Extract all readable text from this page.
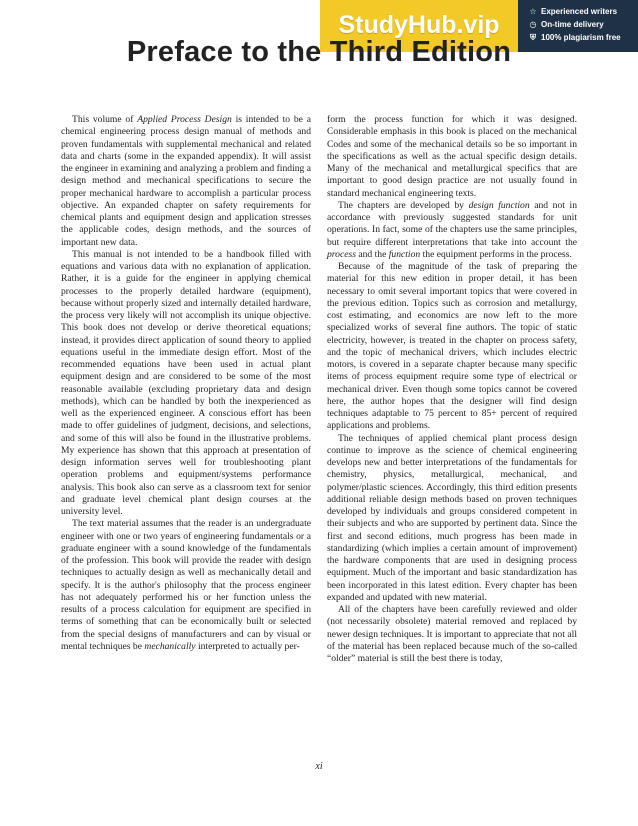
StudyHub.vip	☆ Experienced writers
◷ On-time delivery
⛨ 100% plagiarism free
Preface to the Third Edition

This volume of Applied Process Design is intended to be a chemical engineering process design manual of methods and proven fundamentals with supplemental mechanical and related data and charts (some in the expanded appendix). It will assist the engineer in examining and analyzing a problem and finding a design method and mechanical specifications to secure the proper mechanical hardware to accomplish a particular process objective. An expanded chapter on safety requirements for chemical plants and equipment design and application stresses the applicable codes, design methods, and the sources of important new data.

This manual is not intended to be a handbook filled with equations and various data with no explanation of application. Rather, it is a guide for the engineer in applying chemical processes to the properly detailed hardware (equipment), because without properly sized and internally detailed hardware, the process very likely will not accomplish its unique objective. This book does not develop or derive theoretical equations; instead, it provides direct application of sound theory to applied equations useful in the immediate design effort. Most of the recommended equations have been used in actual plant equipment design and are considered to be some of the most reasonable available (excluding proprietary data and design methods), which can be handled by both the inexperienced as well as the experienced engineer. A conscious effort has been made to offer guidelines of judgment, decisions, and selections, and some of this will also be found in the illustrative problems. My experience has shown that this approach at presentation of design information serves well for troubleshooting plant operation problems and equipment/systems performance analysis. This book also can serve as a classroom text for senior and graduate level chemical plant design courses at the university level.

The text material assumes that the reader is an undergraduate engineer with one or two years of engineering fundamentals or a graduate engineer with a sound knowledge of the fundamentals of the profession. This book will provide the reader with design techniques to actually design as well as mechanically detail and specify. It is the author's philosophy that the process engineer has not adequately performed his or her function unless the results of a process calculation for equipment are specified in terms of something that can be economically built or selected from the special designs of manufacturers and can by visual or mental techniques be mechanically interpreted to actually per-

form the process function for which it was designed. Considerable emphasis in this book is placed on the mechanical Codes and some of the mechanical details so be so important in the specifications as well as the actual specific design details. Many of the mechanical and metallurgical specifics that are important to good design practice are not usually found in standard mechanical engineering texts.

The chapters are developed by design function and not in accordance with previously suggested standards for unit operations. In fact, some of the chapters use the same principles, but require different interpretations that take into account the process and the function the equipment performs in the process.

Because of the magnitude of the task of preparing the material for this new edition in proper detail, it has been necessary to omit several important topics that were covered in the previous edition. Topics such as corrosion and metallurgy, cost estimating, and economics are now left to the more specialized works of several fine authors. The topic of static electricity, however, is treated in the chapter on process safety, and the topic of mechanical drivers, which includes electric motors, is covered in a separate chapter because many specific items of process equipment require some type of electrical or mechanical driver. Even though some topics cannot be covered here, the author hopes that the designer will find design techniques adaptable to 75 percent to 85+ percent of required applications and problems.

The techniques of applied chemical plant process design continue to improve as the science of chemical engineering develops new and better interpretations of the fundamentals for chemistry, physics, metallurgical, mechanical, and polymer/plastic sciences. Accordingly, this third edition presents additional reliable design methods based on proven techniques developed by individuals and groups considered competent in their subjects and who are supported by pertinent data. Since the first and second editions, much progress has been made in standardizing (which implies a certain amount of improvement) the hardware components that are used in designing process equipment. Much of the important and basic standardization has been incorporated in this latest edition. Every chapter has been expanded and updated with new material.

All of the chapters have been carefully reviewed and older (not necessarily obsolete) material removed and replaced by newer design techniques. It is important to appreciate that not all of the material has been replaced because much of the so-called “older” material is still the best there is today,

xi
